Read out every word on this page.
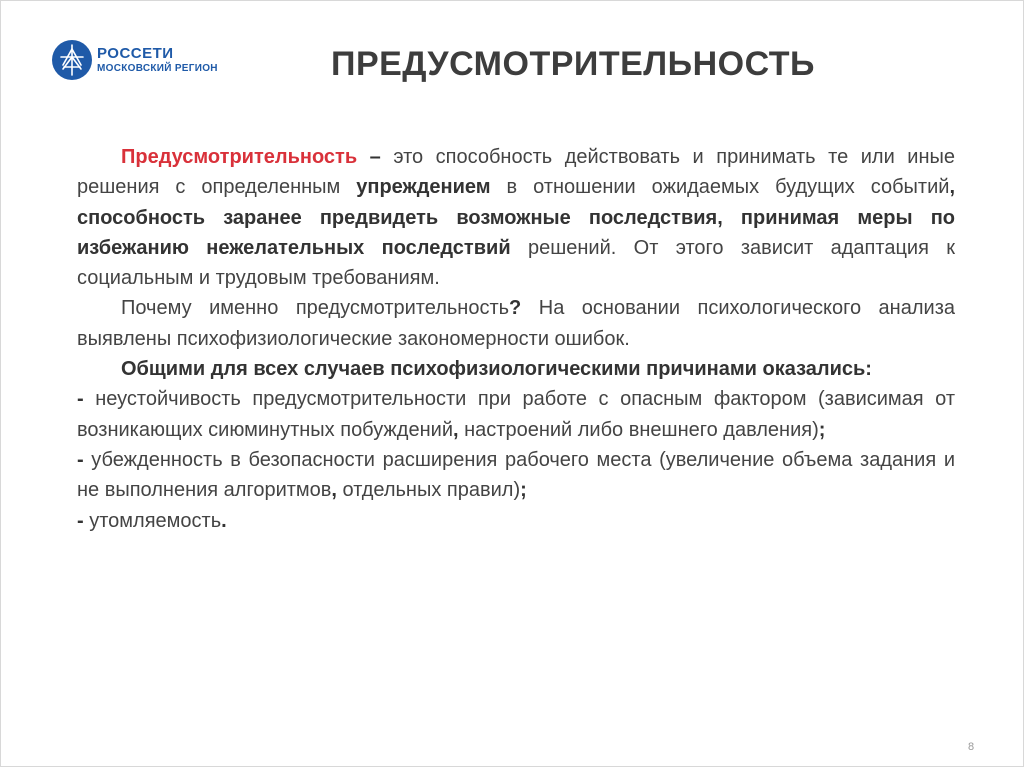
РОССЕТИ
МОСКОВСКИЙ РЕГИОН	ПРЕДУСМОТРИТЕЛЬНОСТЬ

Предусмотрительность – это способность действовать и принимать те или иные решения с определенным упреждением в отношении ожидаемых будущих событий, способность заранее предвидеть возможные последствия, принимая меры по избежанию нежелательных последствий решений. От этого зависит адаптация к социальным и трудовым требованиям.

Почему именно предусмотрительность? На основании психологического анализа выявлены психофизиологические закономерности ошибок.

Общими для всех случаев психофизиологическими причинами оказались:

- неустойчивость предусмотрительности при работе с опасным фактором (зависимая от возникающих сиюминутных побуждений, настроений либо внешнего давления);

- убежденность в безопасности расширения рабочего места (увеличение объема задания и не выполнения алгоритмов, отдельных правил);

- утомляемость.

8
